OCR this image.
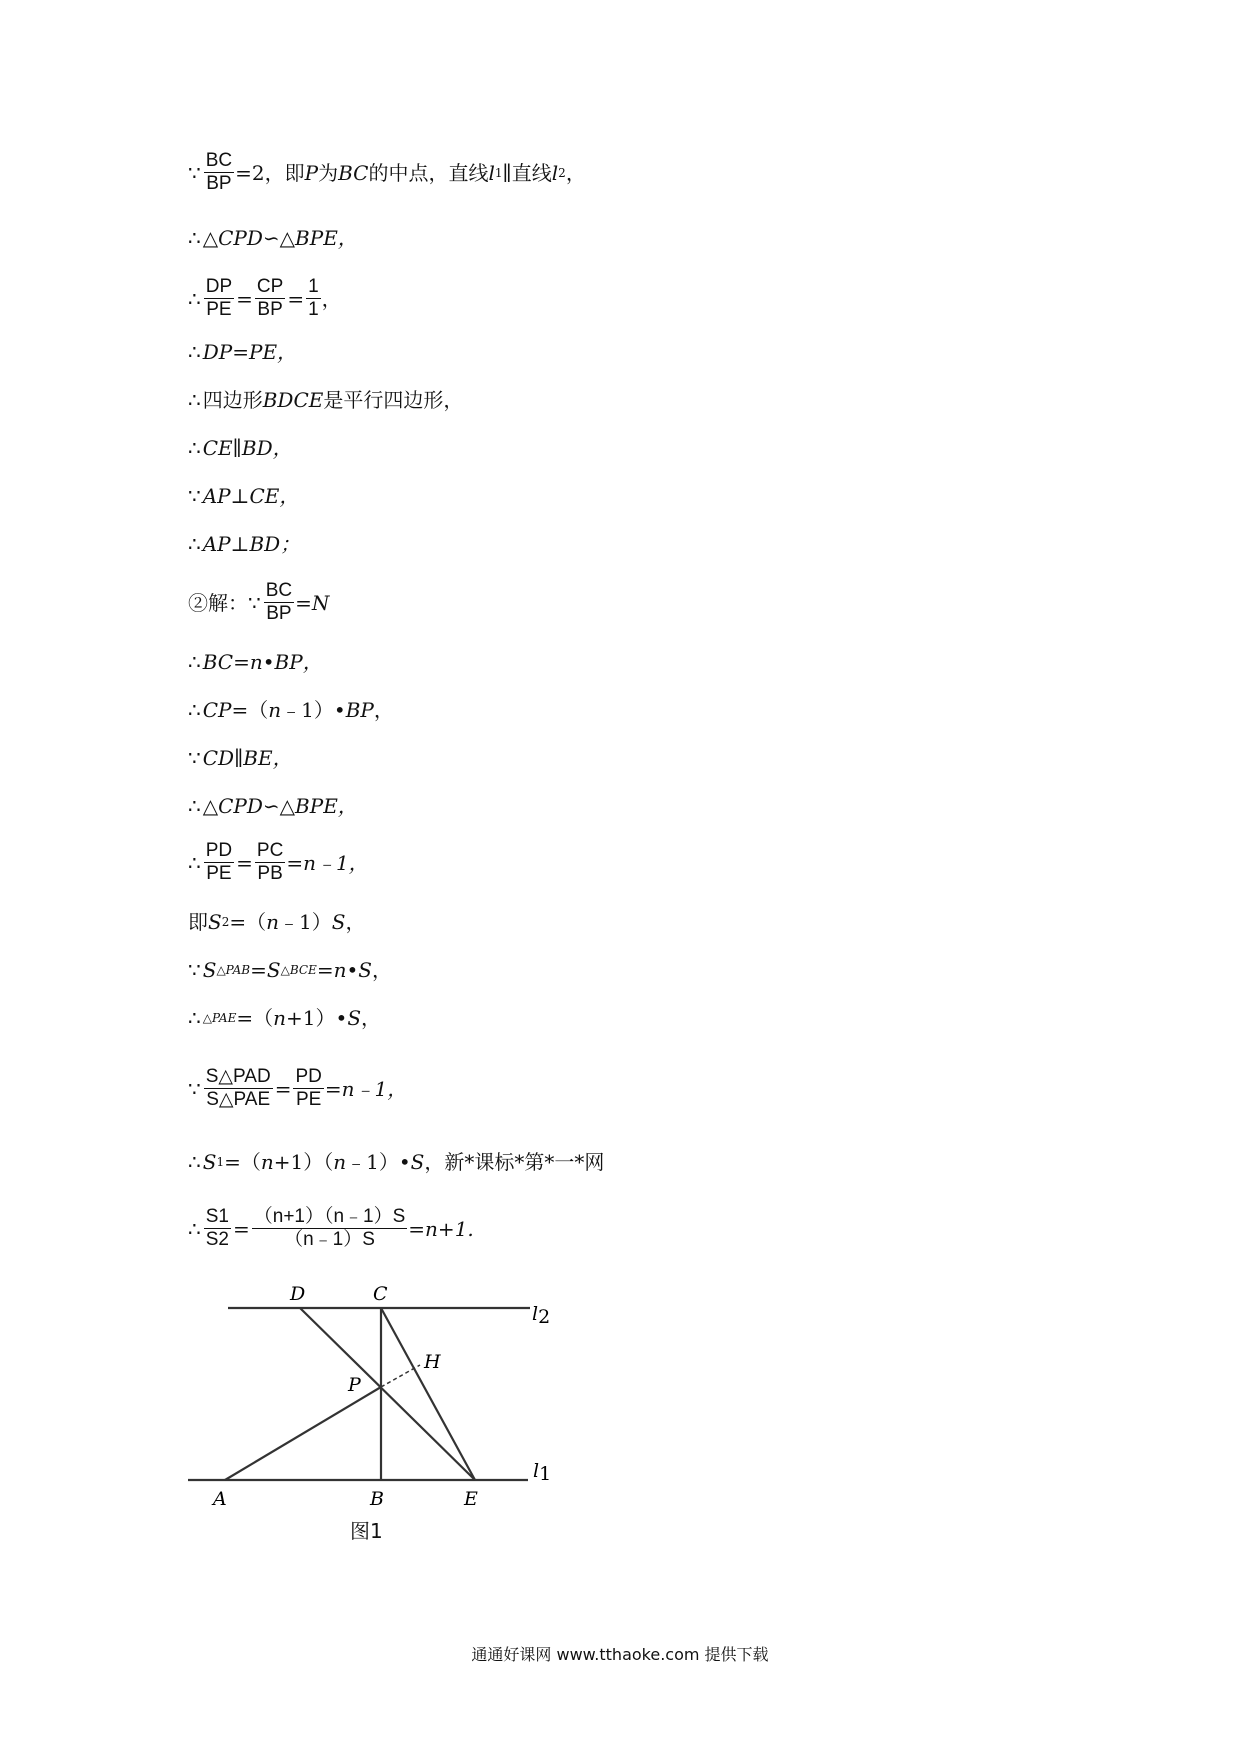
∵ $\frac{BC}{BP} =2$，即 P 为 BC 的中点，直线 l 1 ∥直线 l 2 ，
∴ △CPD∽△BPE，
∴ $\frac{DP}{PE} = \frac{CP}{BP} = \frac{1}{1}$ ，
∴ DP=PE，
∴ 四边形 BDCE 是平行四边形，
∴ CE∥BD，
∵ AP⊥CE，
∴ AP⊥BD；
②解： ∵ $\frac{BC}{BP} = N$
∴ BC=n•BP，
∴ CP =（ n ﹣1）• BP ，
∵ CD∥BE，
∴ △CPD∽△BPE，
∴ $\frac{PD}{PE} = \frac{PC}{PB}$ =n﹣1，
即 S 2 =（ n ﹣1） S ，
∵ S △PAB = S △BCE = n • S ，
∴ △PAE =（ n +1）• S ，
∵ $\frac{\text{S△PAD}}{\text{S△PAE}} = \frac{PD}{PE}$ =n﹣1，
∴ S 1 =（ n +1）（ n ﹣1）• S ，新*课标*第*一*网
∴ $\frac{S1}{S2} = \frac{(n+1)(n﹣1)S}{(n﹣1)S} =n+1$.
D	C
l2
H
P
A	B	E
l1
图1
通通好课网 www.tthaoke.com 提供下载
